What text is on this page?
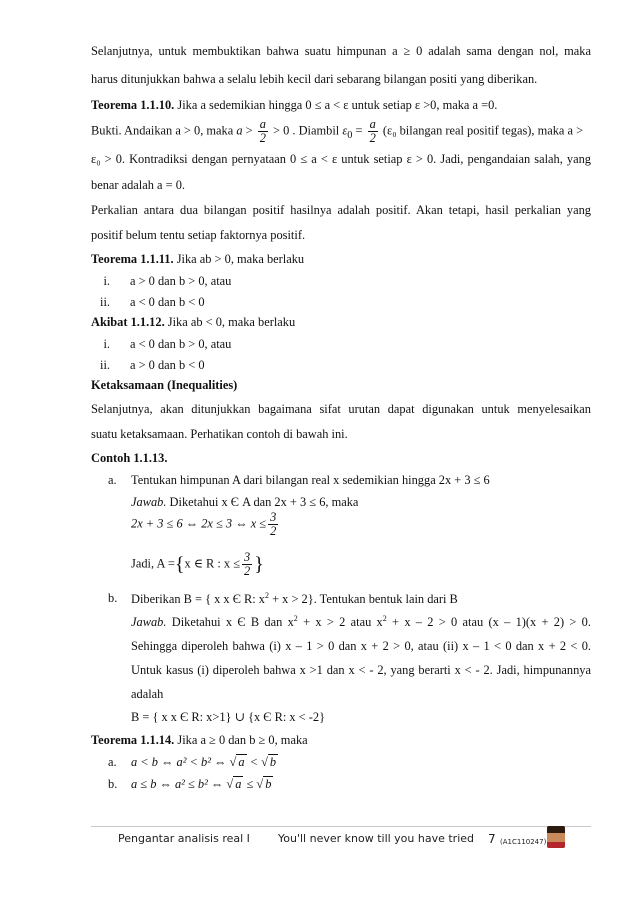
Selanjutnya, untuk membuktikan bahwa suatu himpunan a ≥ 0 adalah sama dengan nol, maka
harus ditunjukkan bahwa a selalu lebih kecil dari sebarang bilangan positi yang diberikan.
Teorema 1.1.10. Jika a sedemikian hingga 0 ≤ a < ε untuk setiap ε >0, maka a =0.
Bukti. Andaikan a > 0, maka $a > \frac{a}{2} > 0$ . Diambil $\varepsilon_0 = \frac{a}{2} (\varepsilon_0$ bilangan real positif tegas), maka a >
ε₀ > 0. Kontradiksi dengan pernyataan 0 ≤ a < ε untuk setiap ε > 0. Jadi, pengandaian salah, yang
benar adalah a = 0.
Perkalian antara dua bilangan positif hasilnya adalah positif. Akan tetapi, hasil perkalian yang
positif belum tentu setiap faktornya positif.
Teorema 1.1.11. Jika ab > 0, maka berlaku
i. a > 0 dan b > 0, atau
ii. a < 0 dan b < 0
Akibat 1.1.12. Jika ab < 0, maka berlaku
i. a < 0 dan b > 0, atau
ii. a > 0 dan b < 0
Ketaksamaan (Inequalities)
Selanjutnya, akan ditunjukkan bagaimana sifat urutan dapat digunakan untuk menyelesaikan
suatu ketaksamaan. Perhatikan contoh di bawah ini.
Contoh 1.1.13.
a. Tentukan himpunan A dari bilangan real x sedemikian hingga 2x + 3 ≤ 6
Jawab. Diketahui x Є A dan 2x + 3 ≤ 6, maka
2x + 3 ≤ 6 ⇔ 2x ≤ 3 ⇔ $x \le \frac{3}{2}$
Jadi, A ={x ∈ R : $x \le \frac{3}{2}$ }
b. Diberikan B = { x x Є R: $x^2 + x > 2$}. Tentukan bentuk lain dari B
Jawab. Diketahui x Є B dan $x^2 + x > 2$ atau $x^2 + x - 2 > 0$ atau (x – 1)(x + 2) > 0.
Sehingga diperoleh bahwa (i) x – 1 > 0 dan x + 2 > 0, atau (ii) x – 1 < 0 dan x + 2 < 0.
Untuk kasus (i) diperoleh bahwa x >1 dan x < - 2, yang berarti x < - 2. Jadi, himpunannya
adalah
B = { x x Є R: x>1} ∪ {x Є R: x < -2}
Teorema 1.1.14. Jika a ≥ 0 dan b ≥ 0, maka
a. a < b ⇔ a² < b² ⇔ √ a < √ b
b. a ≤ b ⇔ a² ≤ b² ⇔ √ a ≤ √ b
Pengantar analisis real I	You'll never know till you have tried 7 (A1C110247)
